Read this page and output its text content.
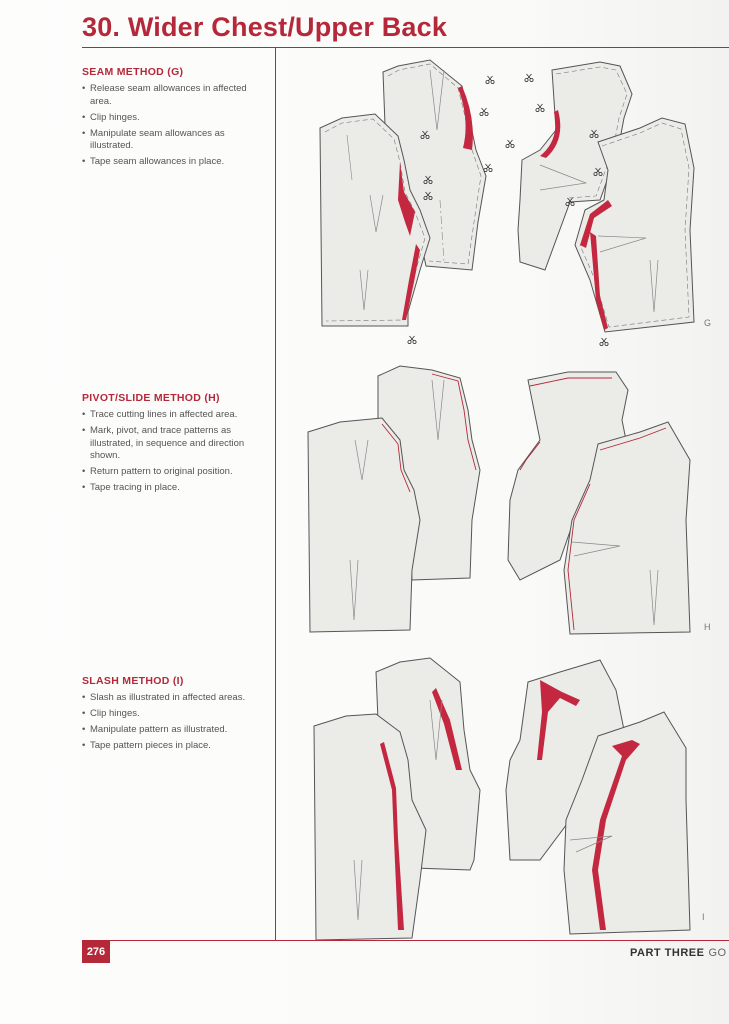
30. Wider Chest/Upper Back
SEAM METHOD (G)
• Release seam allowances in affected area.
• Clip hinges.
• Manipulate seam allowances as illustrated.
• Tape seam allowances in place.
PIVOT/SLIDE METHOD (H)
• Trace cutting lines in affected area.
• Mark, pivot, and trace patterns as illustrated, in sequence and direction shown.
• Return pattern to original position.
• Tape tracing in place.
SLASH METHOD (I)
• Slash as illustrated in affected areas.
• Clip hinges.
• Manipulate pattern as illustrated.
• Tape pattern pieces in place.
G
H
I
276	PART THREE GO
